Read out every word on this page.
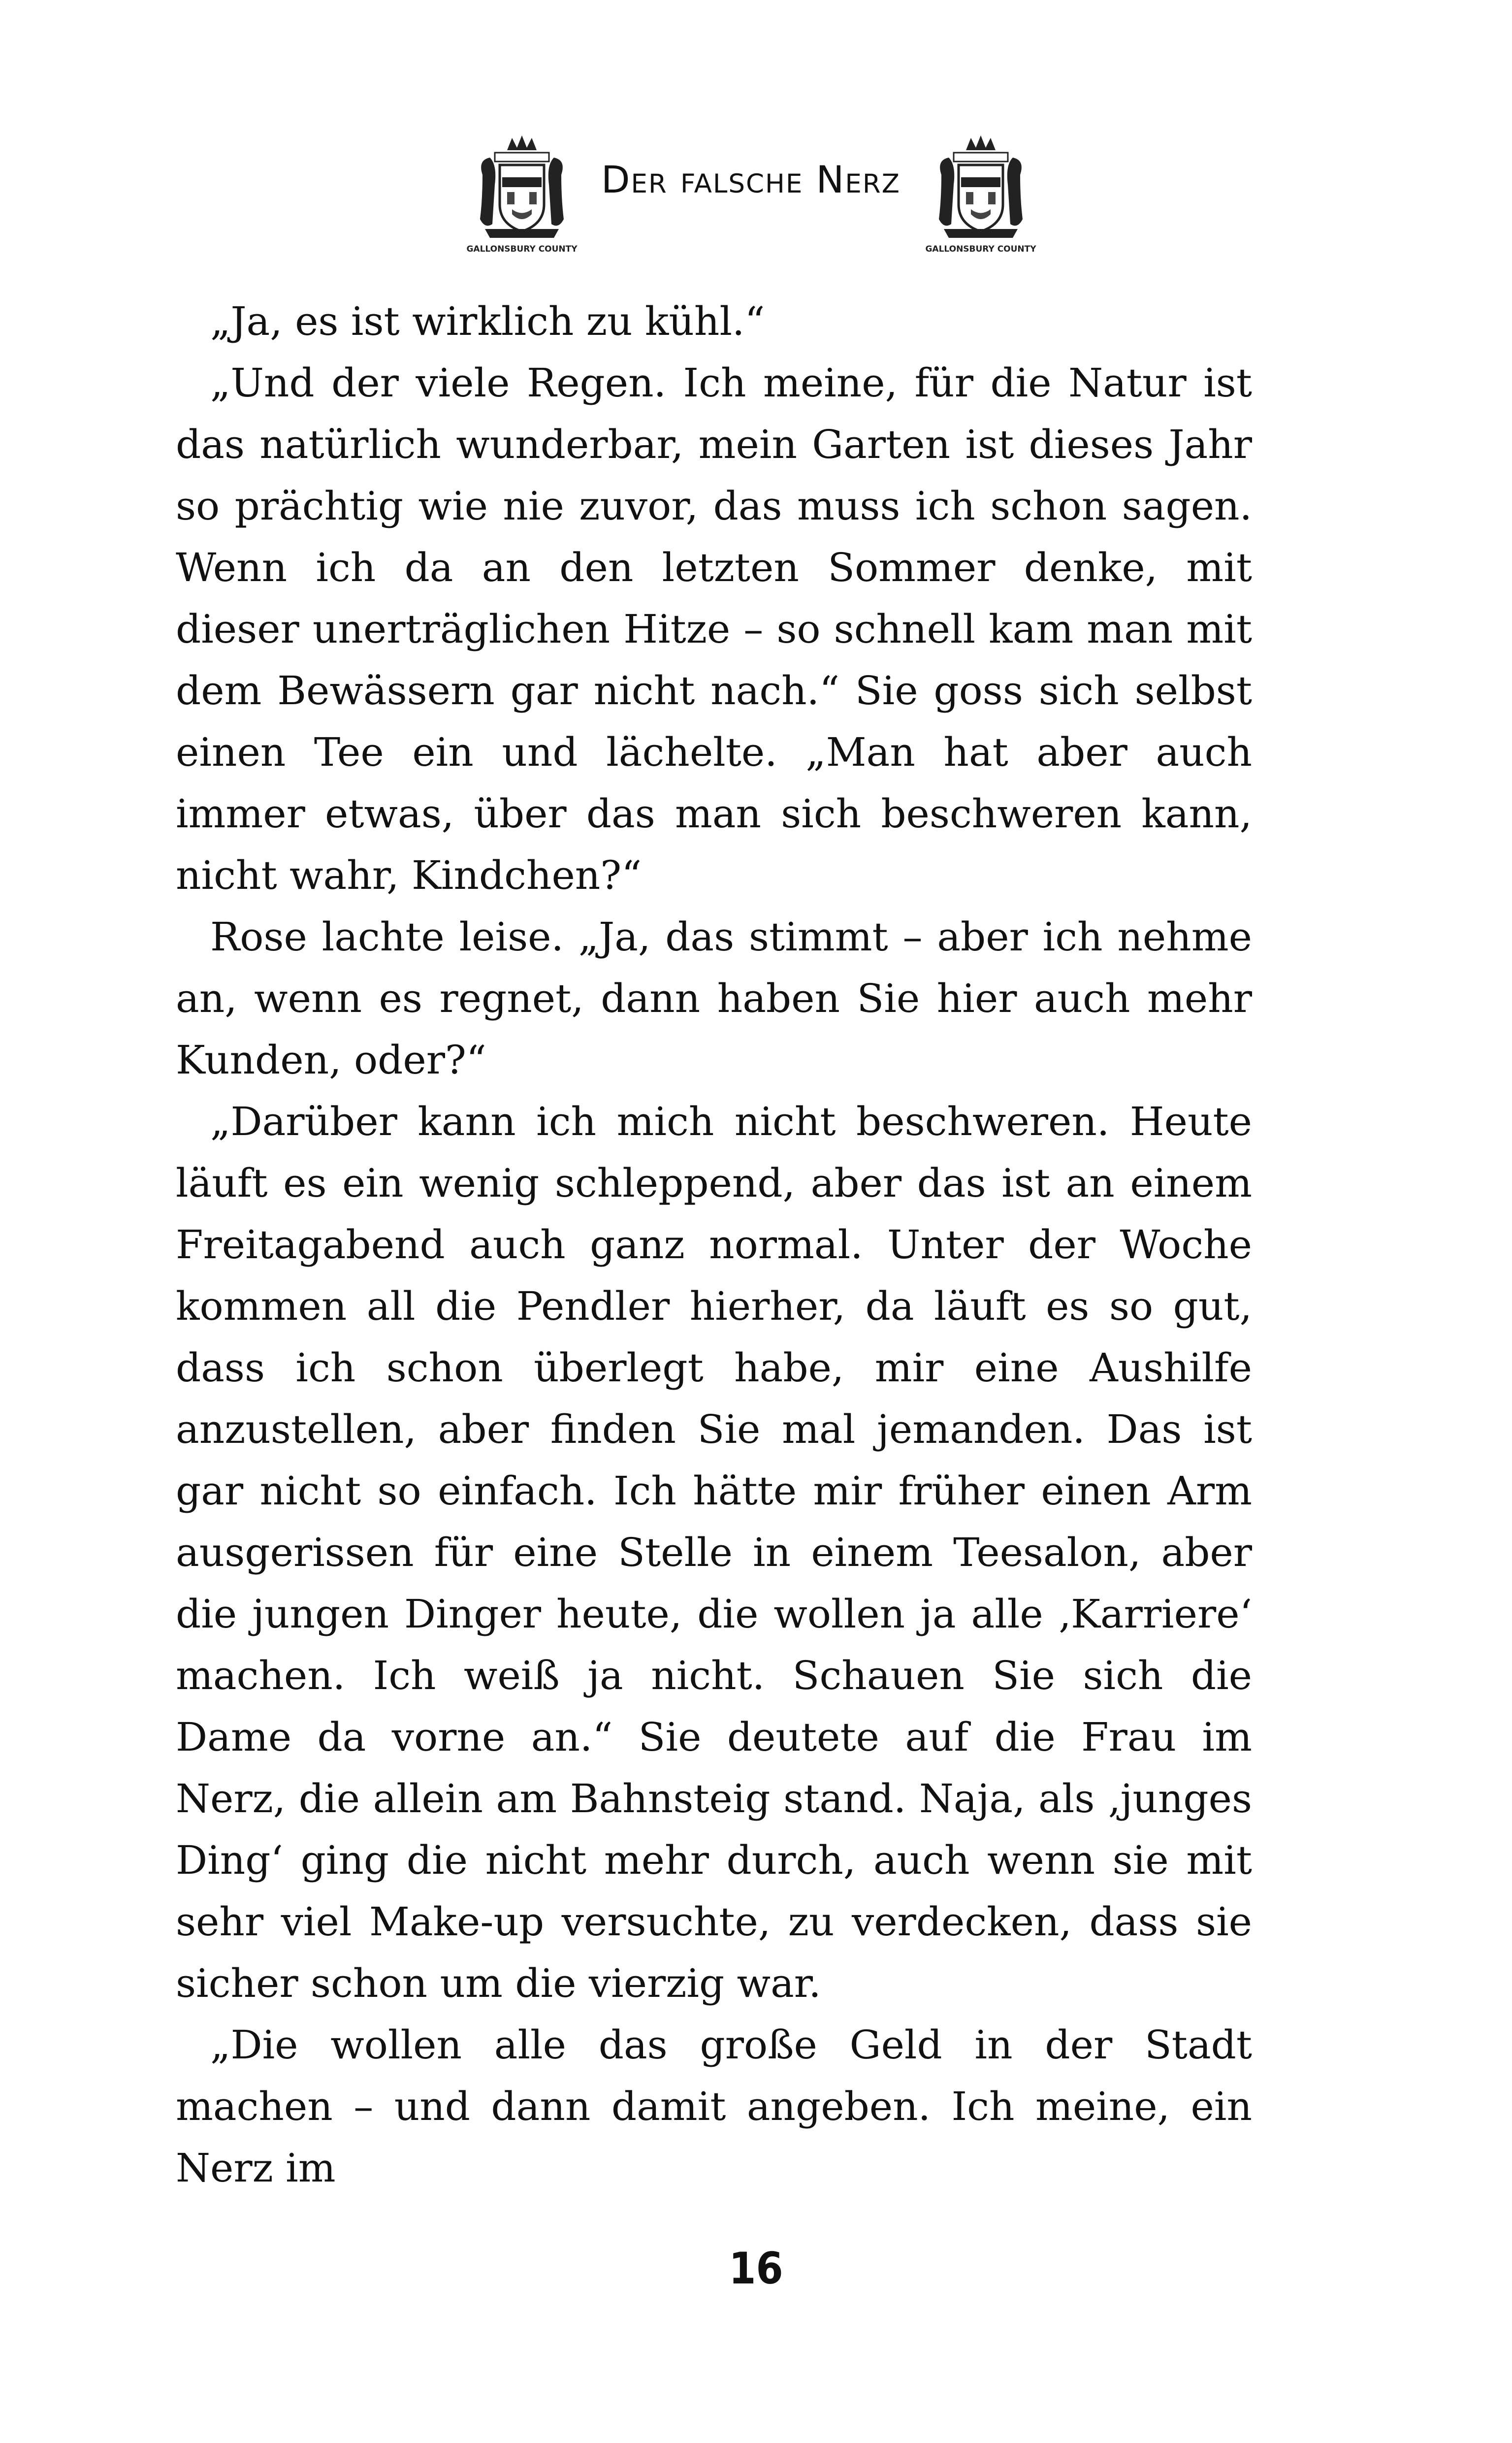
GALLONSBURY COUNTY
Der falsche Nerz
GALLONSBURY COUNTY

„Ja, es ist wirklich zu kühl.“

„Und der viele Regen. Ich meine, für die Natur ist das natürlich wunderbar, mein Garten ist dieses Jahr so prächtig wie nie zuvor, das muss ich schon sagen. Wenn ich da an den letzten Sommer denke, mit dieser unerträglichen Hitze – so schnell kam man mit dem Bewässern gar nicht nach.“ Sie goss sich selbst einen Tee ein und lächelte. „Man hat aber auch immer etwas, über das man sich beschweren kann, nicht wahr, Kindchen?“

Rose lachte leise. „Ja, das stimmt – aber ich nehme an, wenn es regnet, dann haben Sie hier auch mehr Kunden, oder?“

„Darüber kann ich mich nicht beschweren. Heute läuft es ein wenig schleppend, aber das ist an einem Freitagabend auch ganz normal. Unter der Woche kommen all die Pendler hierher, da läuft es so gut, dass ich schon überlegt habe, mir eine Aushilfe anzustellen, aber finden Sie mal jemanden. Das ist gar nicht so einfach. Ich hätte mir früher einen Arm ausgerissen für eine Stelle in einem Teesalon, aber die jungen Dinger heute, die wollen ja alle ‚Karriere‘ machen. Ich weiß ja nicht. Schauen Sie sich die Dame da vorne an.“ Sie deutete auf die Frau im Nerz, die allein am Bahnsteig stand. Naja, als ‚junges Ding‘ ging die nicht mehr durch, auch wenn sie mit sehr viel Make-up versuchte, zu verdecken, dass sie sicher schon um die vierzig war.

„Die wollen alle das große Geld in der Stadt machen – und dann damit angeben. Ich meine, ein Nerz im

16
